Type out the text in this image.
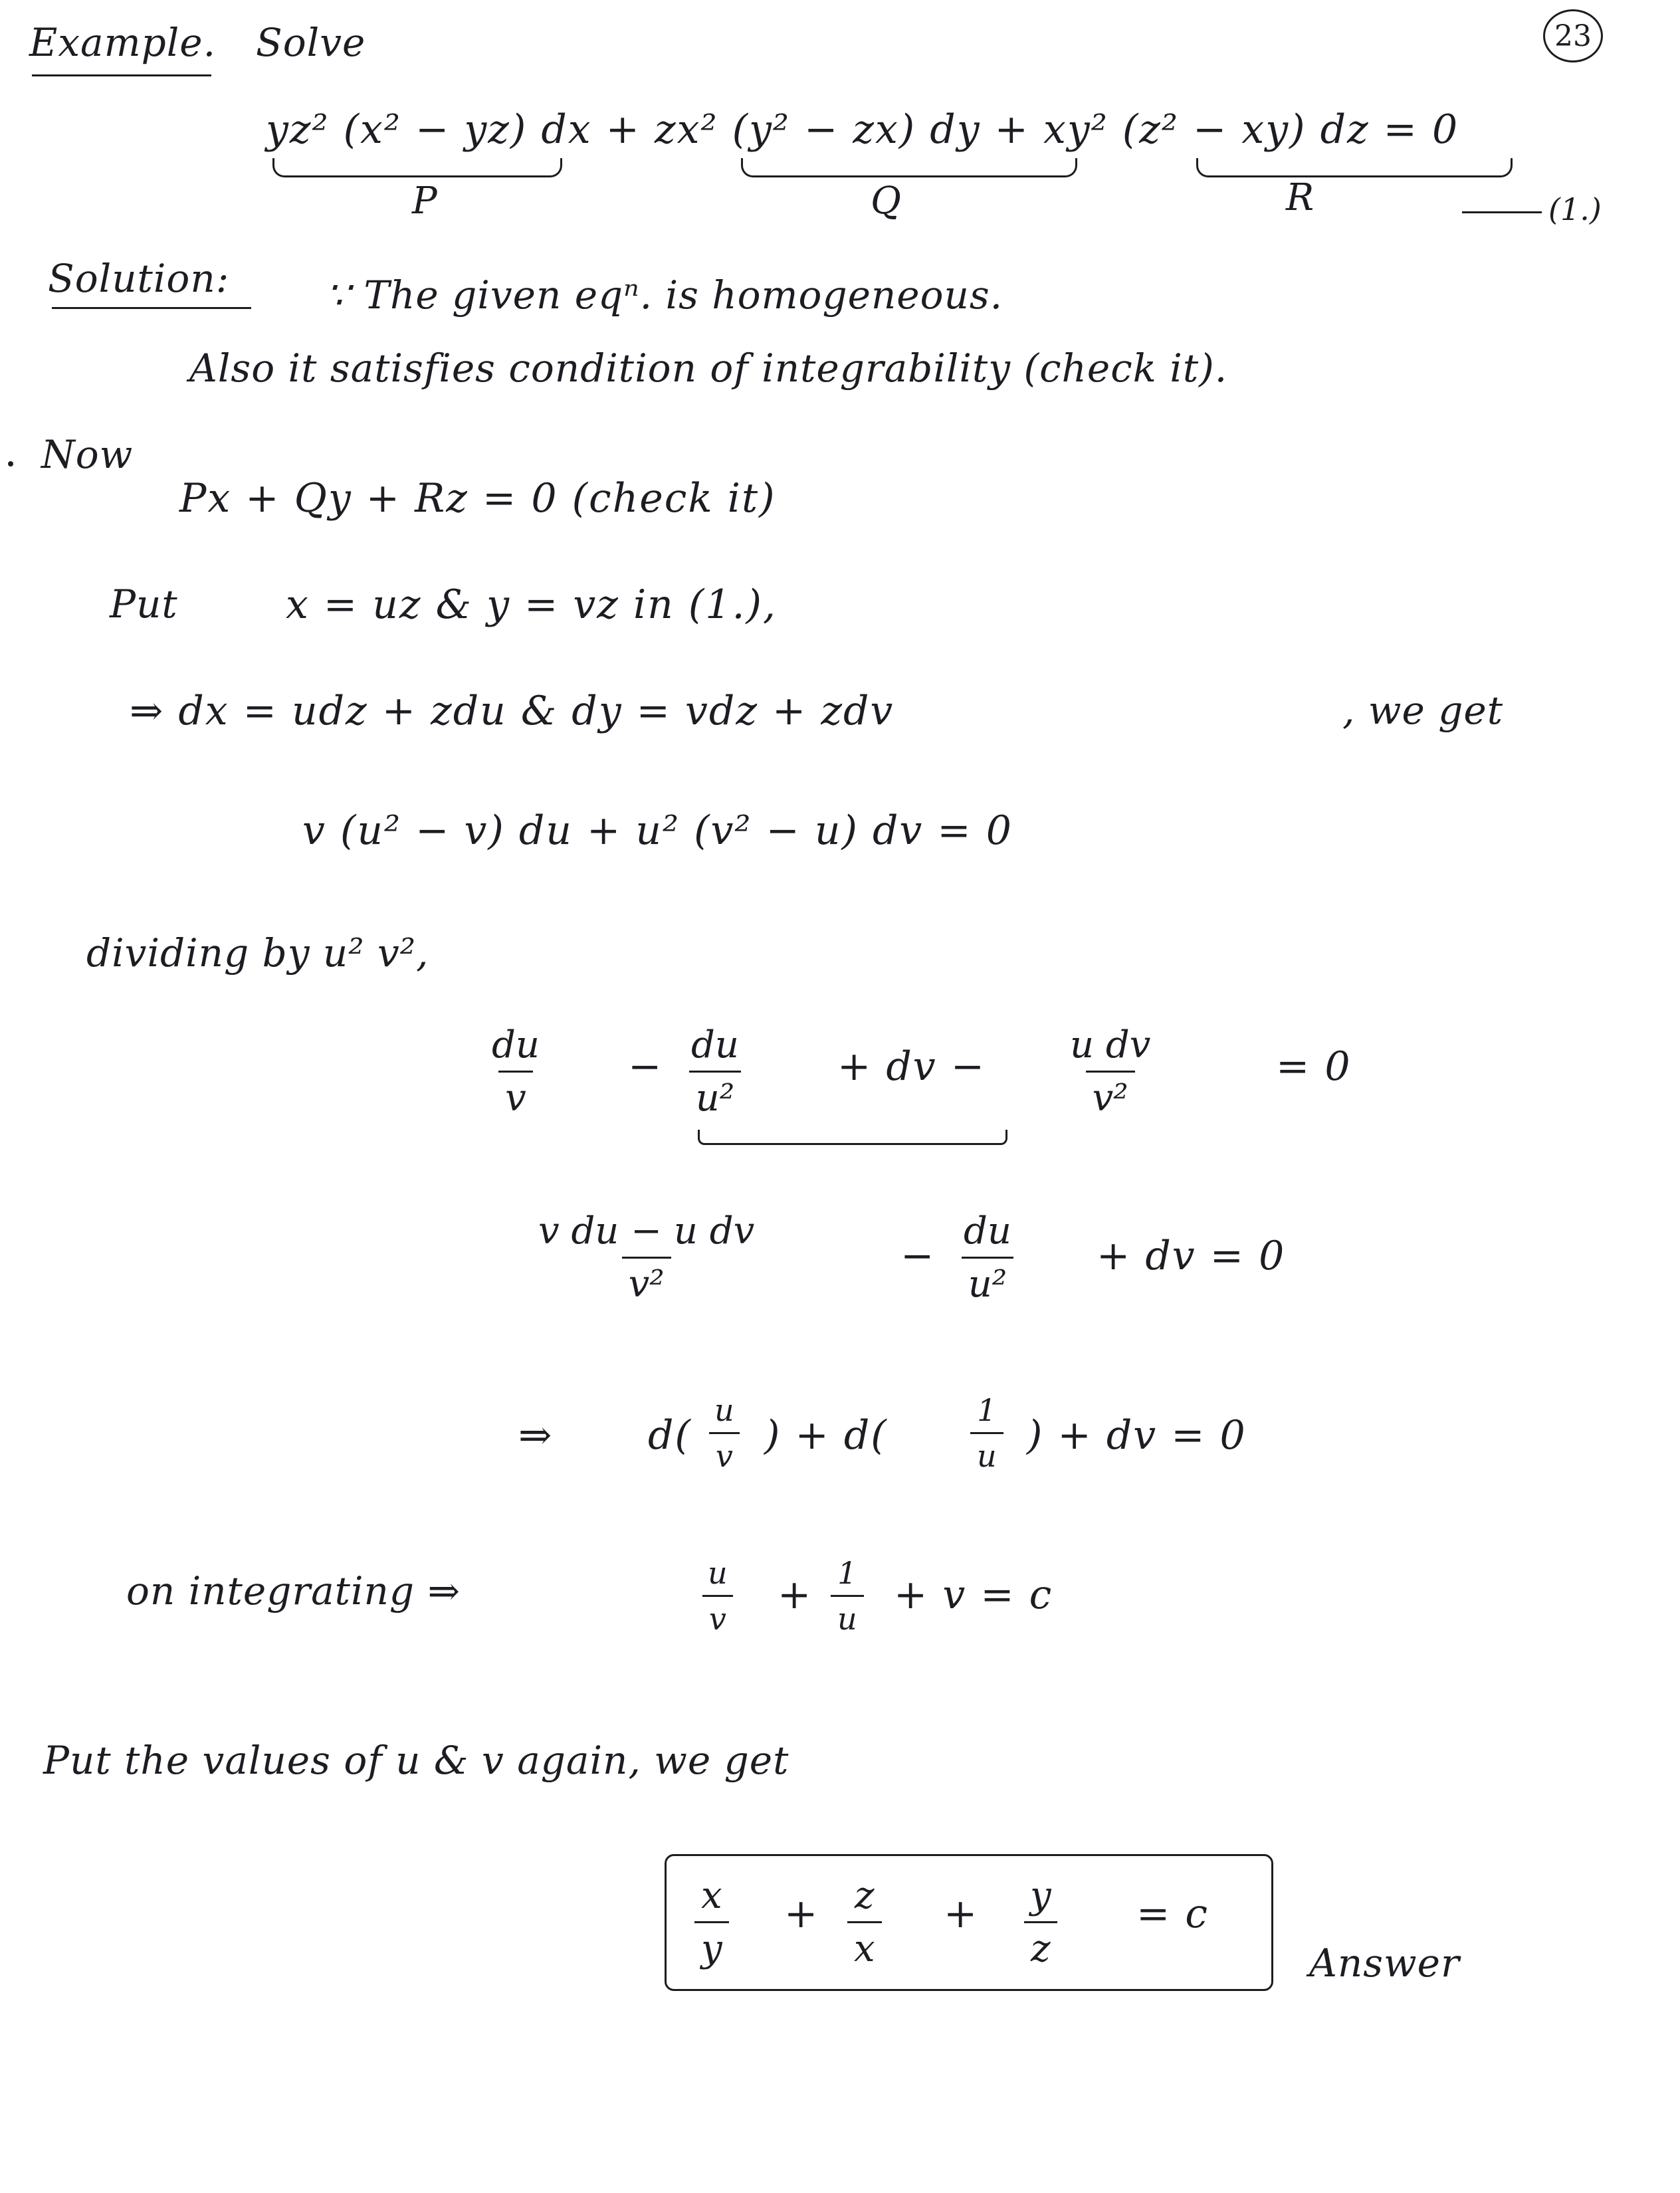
Example. Solve	23
yz² (x² − yz) dx + zx² (y² − zx) dy + xy² (z² − xy) dz = 0
P	Q	R	(1.)
Solution: ∵ The given eqⁿ. is homogeneous.
Also it satisfies condition of integrability (check it).
Now
Px + Qy + Rz = 0 (check it)
Put	x = uz & y = vz in (1.),
⇒ dx = udz + zdu & dy = vdz + zdv	, we get
v (u² − v) du + u² (v² − u) dv = 0
dividing by u² v²,
$\frac{du}{v} - \frac{du}{\text{u²}}$ + dv − $\frac{\text{u dv}}{\text{v²}}$	= 0
$\frac{\text{v du − u dv}}{\text{v²}}$	− $\frac{du}{\text{u²}}$ + dv = 0
⇒ $d( \frac{u}{v}$ ) + d(	$\frac{1}{u}$ ) + dv = 0
on integrating ⇒	$\frac{u}{v} + \frac{1}{u} + v = c$
Put the values of u & v again, we get
$\frac{x}{y} + \frac{z}{x} + \frac{y}{z} = c$
Answer
